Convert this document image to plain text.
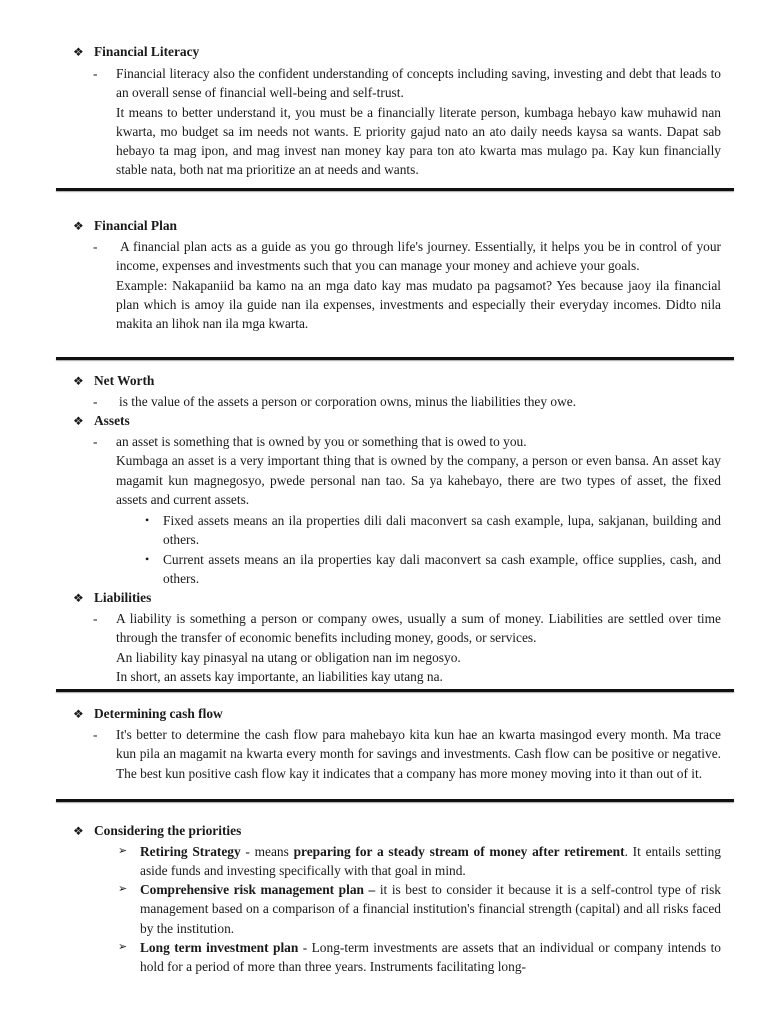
❖ Financial Literacy
- Financial literacy also the confident understanding of concepts including saving, investing and debt that leads to an overall sense of financial well-being and self-trust.

It means to better understand it, you must be a financially literate person, kumbaga hebayo kaw muhawid nan kwarta, mo budget sa im needs not wants. E priority gajud nato an ato daily needs kaysa sa wants. Dapat sab hebayo ta mag ipon, and mag invest nan money kay para ton ato kwarta mas mulago pa. Kay kun financially stable nata, both nat ma prioritize an at needs and wants.

❖ Financial Plan
- A financial plan acts as a guide as you go through life's journey. Essentially, it helps you be in control of your income, expenses and investments such that you can manage your money and achieve your goals.

Example: Nakapaniid ba kamo na an mga dato kay mas mudato pa pagsamot? Yes because jaoy ila financial plan which is amoy ila guide nan ila expenses, investments and especially their everyday incomes. Didto nila makita an lihok nan ila mga kwarta.

❖ Net Worth
- is the value of the assets a person or corporation owns, minus the liabilities they owe.

❖ Assets
- an asset is something that is owned by you or something that is owed to you.

Kumbaga an asset is a very important thing that is owned by the company, a person or even bansa. An asset kay magamit kun magnegosyo, pwede personal nan tao. Sa ya kahebayo, there are two types of asset, the fixed assets and current assets.

• Fixed assets means an ila properties dili dali maconvert sa cash example, lupa, sakjanan, building and others.
• Current assets means an ila properties kay dali maconvert sa cash example, office supplies, cash, and others.
❖ Liabilities
- A liability is something a person or company owes, usually a sum of money. Liabilities are settled over time through the transfer of economic benefits including money, goods, or services.

An liability kay pinasyal na utang or obligation nan im negosyo.

In short, an assets kay importante, an liabilities kay utang na.

❖ Determining cash flow
- It's better to determine the cash flow para mahebayo kita kun hae an kwarta masingod every month. Ma trace kun pila an magamit na kwarta every month for savings and investments. Cash flow can be positive or negative. The best kun positive cash flow kay it indicates that a company has more money moving into it than out of it.

❖ Considering the priorities
➢ Retiring Strategy - means preparing for a steady stream of money after retirement. It entails setting aside funds and investing specifically with that goal in mind.
➢ Comprehensive risk management plan – it is best to consider it because it is a self-control type of risk management based on a comparison of a financial institution's financial strength (capital) and all risks faced by the institution.
➢ Long term investment plan - Long-term investments are assets that an individual or company intends to hold for a period of more than three years. Instruments facilitating long-
